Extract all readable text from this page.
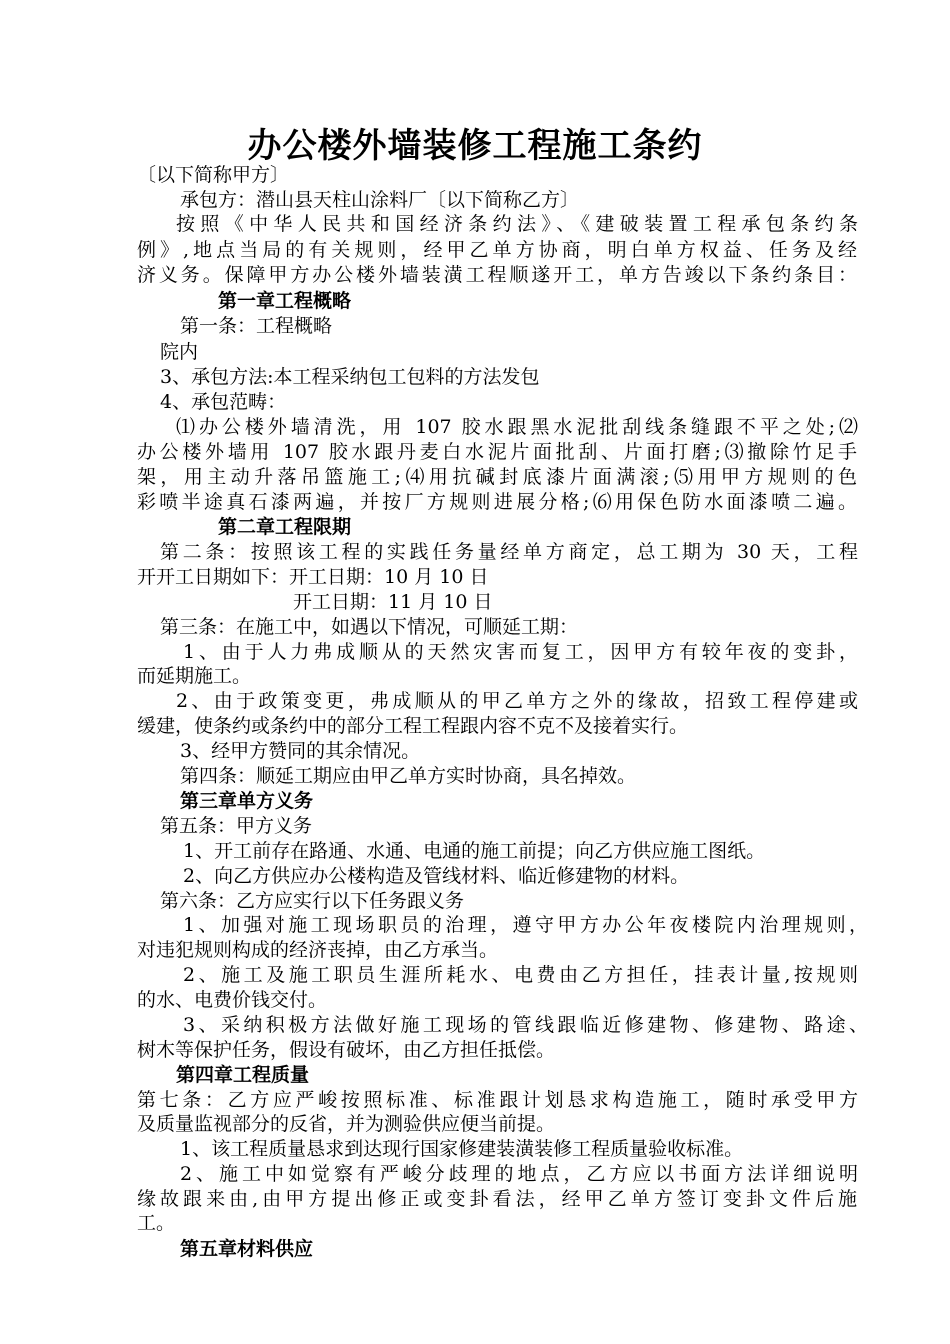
办公楼外墙装修工程施工条约
〔以下简称甲方〕
承包方：潜山县天柱山涂料厂〔以下简称乙方〕
按照《中华人民共和国经济条约法》、《建破装置工程承包条约条
例》,地点当局的有关规则，经甲乙单方协商，明白单方权益、任务及经
济义务。保障甲方办公楼外墙装潢工程顺遂开工，单方告竣以下条约条目：
第一章工程概略
第一条：工程概略
院内
3、承包方法:本工程采纳包工包料的方法发包
4、承包范畴：
⑴办公楼外墙清洗，用 107 胶水跟黑水泥批刮线条缝跟不平之处;⑵
办公楼外墙用 107 胶水跟丹麦白水泥片面批刮、片面打磨;⑶撤除竹足手
架，用主动升落吊篮施工;⑷用抗碱封底漆片面满滚;⑸用甲方规则的色
彩喷半途真石漆两遍，并按厂方规则进展分格;⑹用保色防水面漆喷二遍。
第二章工程限期
第二条：按照该工程的实践任务量经单方商定，总工期为 30 天，工程
开开工日期如下：开工日期：10 月 10 日
开工日期：11 月 10 日
第三条：在施工中，如遇以下情况，可顺延工期：
1、由于人力弗成顺从的天然灾害而复工，因甲方有较年夜的变卦，
而延期施工。
2、由于政策变更，弗成顺从的甲乙单方之外的缘故，招致工程停建或
缓建，使条约或条约中的部分工程工程跟内容不克不及接着实行。
3、经甲方赞同的其余情况。
第四条：顺延工期应由甲乙单方实时协商，具名掉效。
第三章单方义务
第五条：甲方义务
1、开工前存在路通、水通、电通的施工前提；向乙方供应施工图纸。
2、向乙方供应办公楼构造及管线材料、临近修建物的材料。
第六条：乙方应实行以下任务跟义务
1、加强对施工现场职员的治理，遵守甲方办公年夜楼院内治理规则，
对违犯规则构成的经济丧掉，由乙方承当。
2、施工及施工职员生涯所耗水、电费由乙方担任，挂表计量,按规则
的水、电费价钱交付。
3、采纳积极方法做好施工现场的管线跟临近修建物、修建物、路途、
树木等保护任务，假设有破坏，由乙方担任抵偿。
第四章工程质量
第七条：乙方应严峻按照标准、标准跟计划恳求构造施工，随时承受甲方
及质量监视部分的反省，并为测验供应便当前提。
1、该工程质量恳求到达现行国家修建装潢装修工程质量验收标准。
2、施工中如觉察有严峻分歧理的地点，乙方应以书面方法详细说明
缘故跟来由,由甲方提出修正或变卦看法，经甲乙单方签订变卦文件后施
工。
第五章材料供应
